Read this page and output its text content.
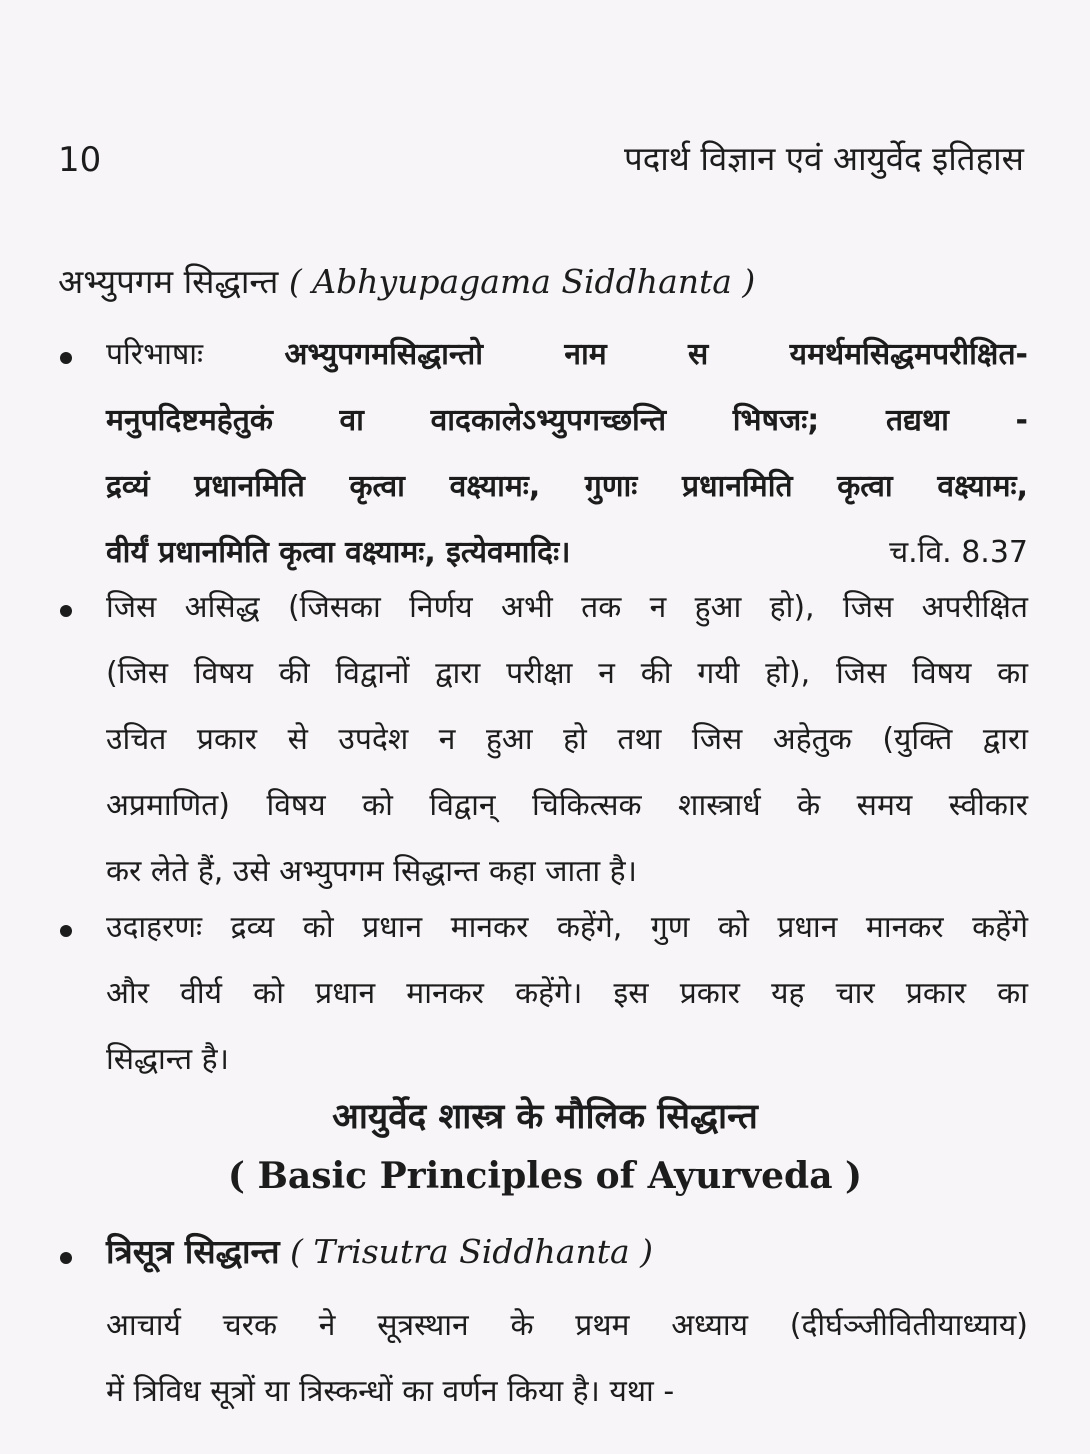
10	पदार्थ विज्ञान एवं आयुर्वेद इतिहास
अभ्युपगम सिद्धान्त ( Abhyupagama Siddhanta )
परिभाषाः	अभ्युपगमसिद्धान्तो नाम स यमर्थमसिद्धमपरीक्षित-
मनुपदिष्टमहेतुकं वा वादकालेऽभ्युपगच्छन्ति भिषजः; तद्यथा -
द्रव्यं प्रधानमिति कृत्वा वक्ष्यामः, गुणाः प्रधानमिति कृत्वा वक्ष्यामः,
वीर्यं प्रधानमिति कृत्वा वक्ष्यामः, इत्येवमादिः।	च.वि. 8.37
जिस असिद्ध (जिसका निर्णय अभी तक न हुआ हो), जिस अपरीक्षित
(जिस विषय की विद्वानों द्वारा परीक्षा न की गयी हो), जिस विषय का
उचित प्रकार से उपदेश न हुआ हो तथा जिस अहेतुक (युक्ति द्वारा
अप्रमाणित) विषय को विद्वान् चिकित्सक शास्त्रार्ध के समय स्वीकार
कर लेते हैं, उसे अभ्युपगम सिद्धान्त कहा जाता है।
उदाहरणः द्रव्य को प्रधान मानकर कहेंगे, गुण को प्रधान मानकर कहेंगे
और वीर्य को प्रधान मानकर कहेंगे। इस प्रकार यह चार प्रकार का
सिद्धान्त है।
आयुर्वेद शास्त्र के मौलिक सिद्धान्त
( Basic Principles of Ayurveda )
त्रिसूत्र सिद्धान्त ( Trisutra Siddhanta )
आचार्य चरक ने सूत्रस्थान के प्रथम अध्याय (दीर्घञ्जीवितीयाध्याय)
में त्रिविध सूत्रों या त्रिस्कन्धों का वर्णन किया है। यथा -
